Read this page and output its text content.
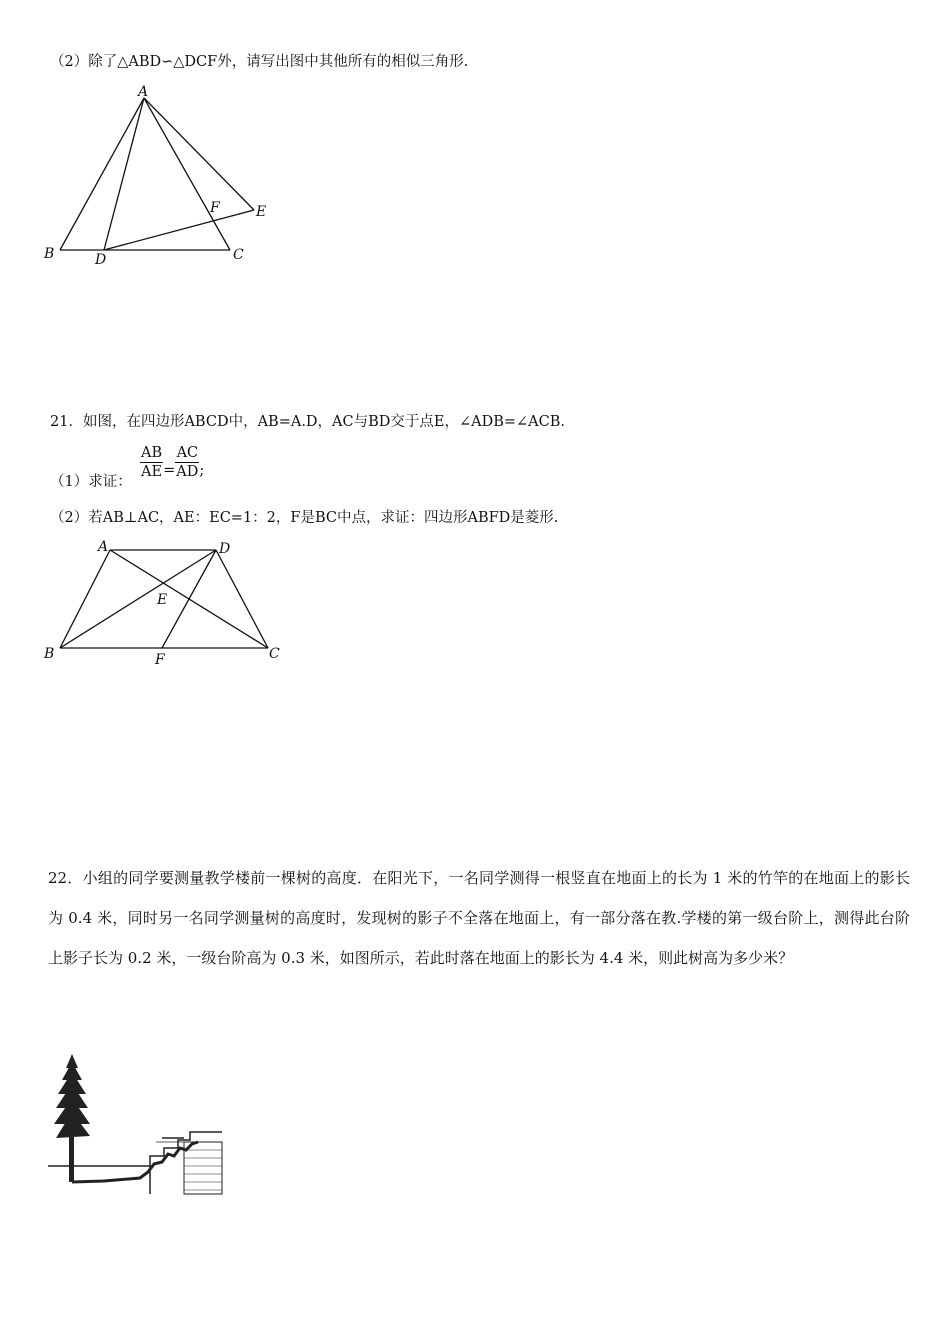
（2）除了△ABD∽△DCF外，请写出图中其他所有的相似三角形.
A
B	C
D
E
F
21．如图，在四边形ABCD中，AB=A.D，AC与BD交于点E，∠ADB=∠ACB.
（1）求证：
$\frac{AB}{AE} = \frac{AC}{AD}$ ;
（2）若AB⊥AC，AE：EC=1：2，F是BC中点，求证：四边形ABFD是菱形.
A	D
E
B	F	C
22．小组的同学要测量教学楼前一棵树的高度．在阳光下，一名同学测得一根竖直在地面上的长为 1 米的竹竿的在地面上的影长为 0.4 米，同时另一名同学测量树的高度时，发现树的影子不全落在地面上，有一部分落在教.学楼的第一级台阶上，测得此台阶上影子长为 0.2 米，一级台阶高为 0.3 米，如图所示，若此时落在地面上的影长为 4.4 米，则此树高为多少米？
